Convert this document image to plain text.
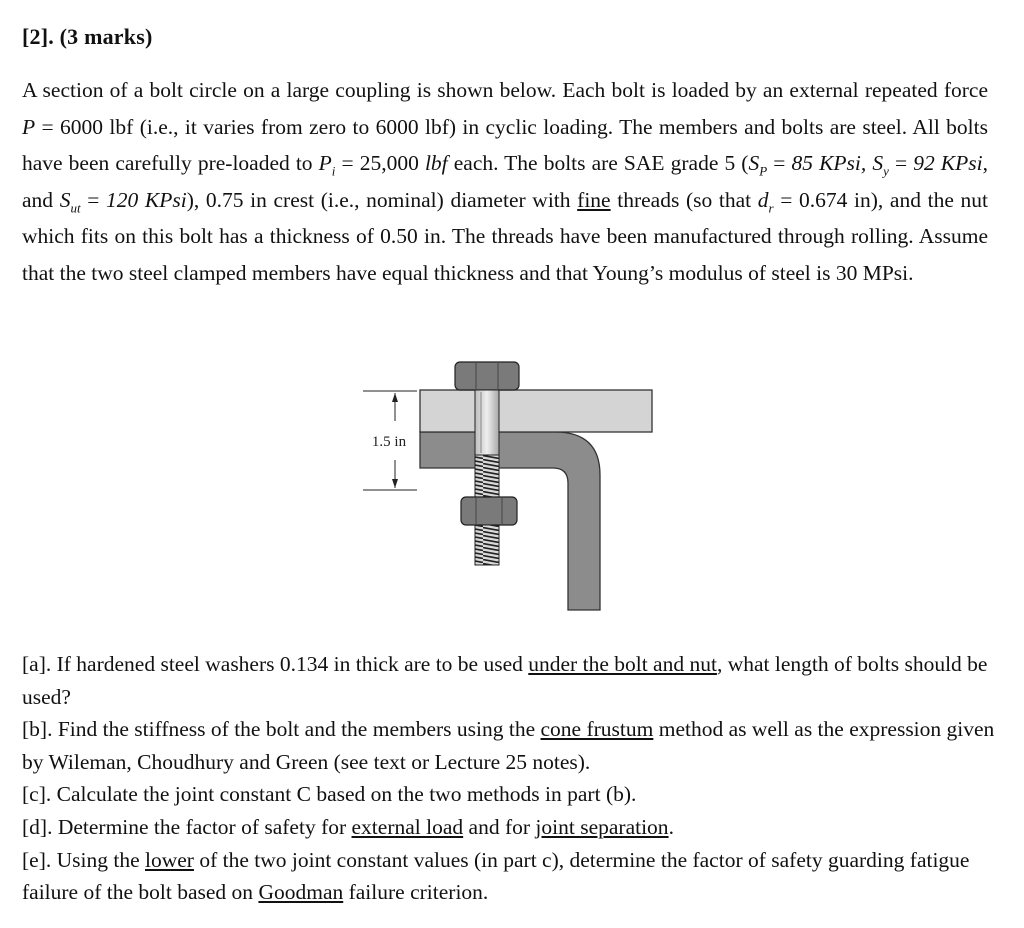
[2]. (3 marks)

A section of a bolt circle on a large coupling is shown below. Each bolt is loaded by an external repeated force P = 6000 lbf (i.e., it varies from zero to 6000 lbf) in cyclic loading. The members and bolts are steel. All bolts have been carefully pre-loaded to $P_i = 25,000$ lbf each. The bolts are SAE grade 5 ($S_P = 85$ KPsi, $S_y = 92$ KPsi, and $S_{ut} = 120$ KPsi), 0.75 in crest (i.e., nominal) diameter with fine threads (so that $d_r = 0.674$ in), and the nut which fits on this bolt has a thickness of 0.50 in. The threads have been manufactured through rolling. Assume that the two steel clamped members have equal thickness and that Young’s modulus of steel is 30 MPsi.

1.5 in

[a]. If hardened steel washers 0.134 in thick are to be used under the bolt and nut, what length of bolts should be used?

[b]. Find the stiffness of the bolt and the members using the cone frustum method as well as the expression given by Wileman, Choudhury and Green (see text or Lecture 25 notes).

[c]. Calculate the joint constant C based on the two methods in part (b).

[d]. Determine the factor of safety for external load and for joint separation.

[e]. Using the lower of the two joint constant values (in part c), determine the factor of safety guarding fatigue failure of the bolt based on Goodman failure criterion.
